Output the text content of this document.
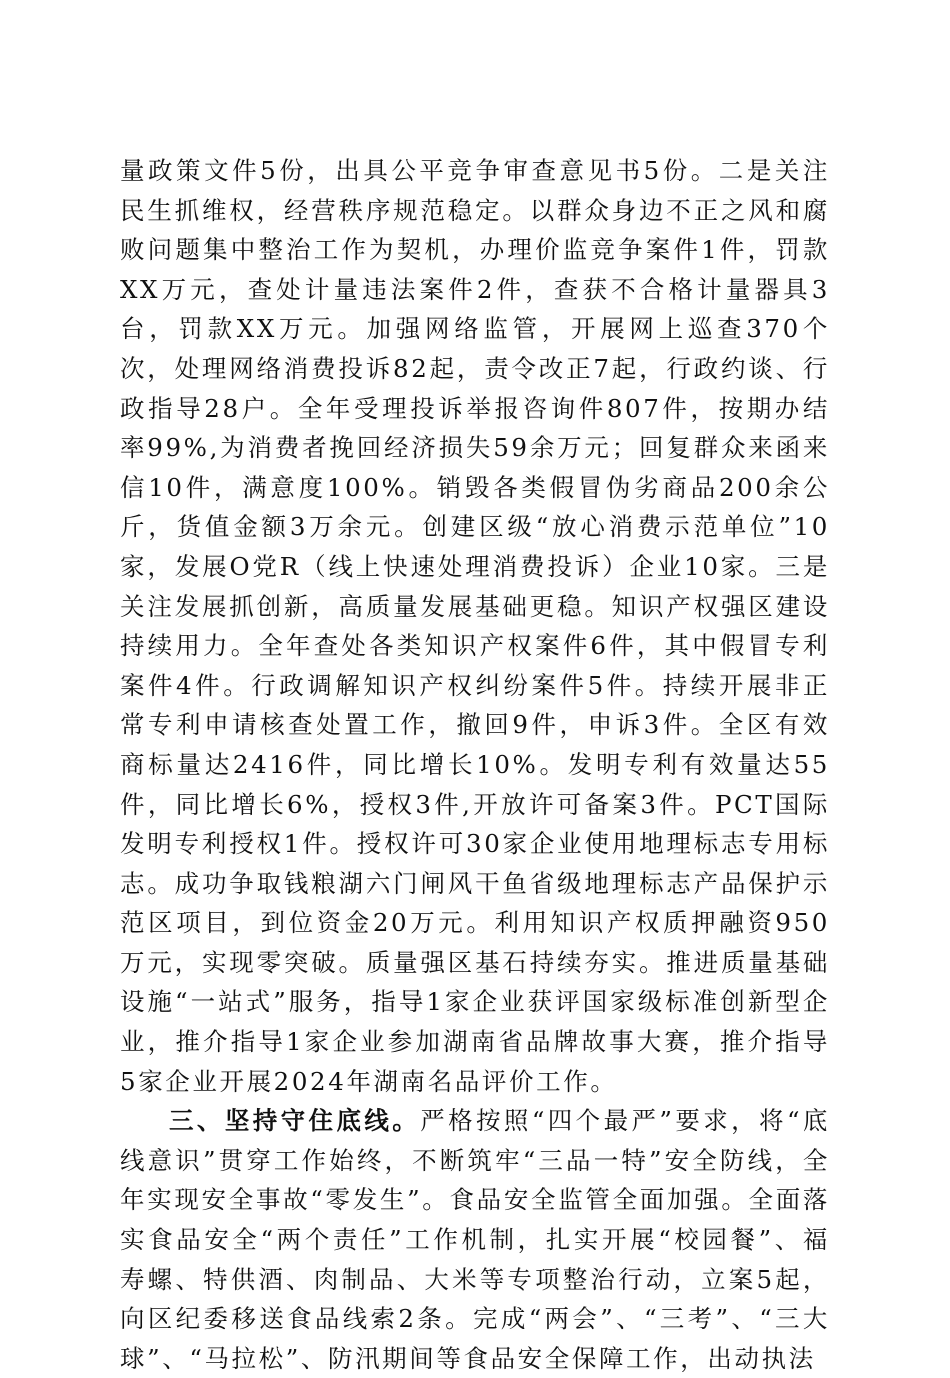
量政策文件5份，出具公平竞争审查意见书5份。二是关注民生抓维权，经营秩序规范稳定。以群众身边不正之风和腐败问题集中整治工作为契机，办理价监竞争案件1件，罚款XX万元，查处计量违法案件2件，查获不合格计量器具3台，罚款XX万元。加强网络监管，开展网上巡查370个次，处理网络消费投诉82起，责令改正7起，行政约谈、行政指导28户。全年受理投诉举报咨询件807件，按期办结率99%,为消费者挽回经济损失59余万元；回复群众来函来信10件，满意度100%。销毁各类假冒伪劣商品200余公斤，货值金额3万余元。创建区级“放心消费示范单位”10家，发展O党R（线上快速处理消费投诉）企业10家。三是关注发展抓创新，高质量发展基础更稳。知识产权强区建设持续用力。全年查处各类知识产权案件6件，其中假冒专利案件4件。行政调解知识产权纠纷案件5件。持续开展非正常专利申请核查处置工作，撤回9件，申诉3件。全区有效商标量达2416件，同比增长10%。发明专利有效量达55件，同比增长6%，授权3件,开放许可备案3件。PCT国际发明专利授权1件。授权许可30家企业使用地理标志专用标志。成功争取钱粮湖六门闸风干鱼省级地理标志产品保护示范区项目，到位资金20万元。利用知识产权质押融资950万元，实现零突破。质量强区基石持续夯实。推进质量基础设施“一站式”服务，指导1家企业获评国家级标准创新型企业，推介指导1家企业参加湖南省品牌故事大赛，推介指导5家企业开展2024年湖南名品评价工作。

三、坚持守住底线。严格按照“四个最严”要求，将“底线意识”贯穿工作始终，不断筑牢“三品一特”安全防线，全年实现安全事故“零发生”。食品安全监管全面加强。全面落实食品安全“两个责任”工作机制，扎实开展“校园餐”、福寿螺、特供酒、肉制品、大米等专项整治行动，立案5起，向区纪委移送食品线索2条。完成“两会”、“三考”、“三大球”、“马拉松”、防汛期间等食品安全保障工作，出动执法
